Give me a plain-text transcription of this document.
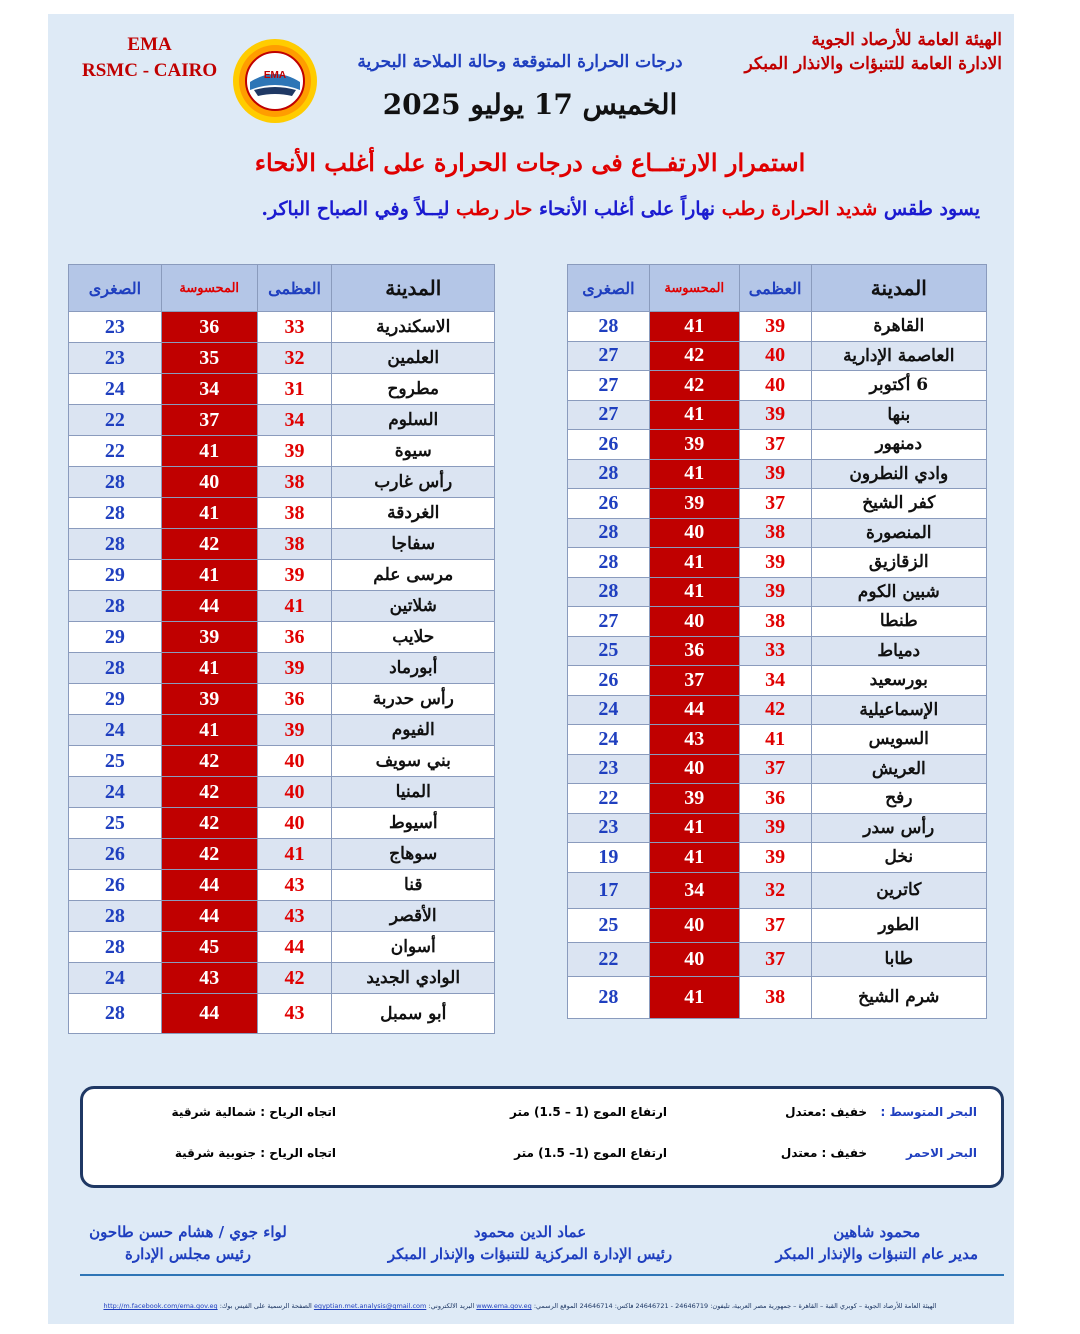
الهيئة العامة للأرصاد الجوية
الادارة العامة للتنبؤات والانذار المبكر
EMA
RSMC - CAIRO	EMA
درجات الحرارة المتوقعة وحالة الملاحة البحرية
الخميس 17 يوليو 2025
استمرار الارتفــاع فى درجات الحرارة على أغلب الأنحاء
يسود طقس شديد الحرارة رطب نهاراً على أغلب الأنحاء حار رطب ليــلاً وفي الصباح الباكر.
المدينة	العظمى	المحسوسة	الصغرى
القاهرة	39	41	28
العاصمة الإدارية	40	42	27
6 أكتوبر	40	42	27
بنها	39	41	27
دمنهور	37	39	26
وادي النطرون	39	41	28
كفر الشيخ	37	39	26
المنصورة	38	40	28
الزقازيق	39	41	28
شبين الكوم	39	41	28
طنطا	38	40	27
دمياط	33	36	25
بورسعيد	34	37	26
الإسماعيلية	42	44	24
السويس	41	43	24
العريش	37	40	23
رفح	36	39	22
رأس سدر	39	41	23
نخل	39	41	19
كاترين	32	34	17
الطور	37	40	25
طابا	37	40	22
شرم الشيخ	38	41	28
المدينة	العظمى	المحسوسة	الصغرى
الاسكندرية	33	36	23
العلمين	32	35	23
مطروح	31	34	24
السلوم	34	37	22
سيوة	39	41	22
رأس غارب	38	40	28
الغردقة	38	41	28
سفاجا	38	42	28
مرسى علم	39	41	29
شلاتين	41	44	28
حلايب	36	39	29
أبورماد	39	41	28
رأس حدربة	36	39	29
الفيوم	39	41	24
بني سويف	40	42	25
المنيا	40	42	24
أسيوط	40	42	25
سوهاج	41	42	26
قنا	43	44	26
الأقصر	43	44	28
أسوان	44	45	28
الوادي الجديد	42	43	24
أبو سمبل	43	44	28
البحر المتوسط :
خفيف :معتدل
ارتفاع الموج (1 – 1.5) متر
اتجاه الرياح : شمالية شرقية
البحر الاحمر
خفيف : معتدل
ارتفاع الموج (1– 1.5) متر
اتجاه الرياح : جنوبية شرقية
محمود شاهين
مدير عام التنبؤات والإنذار المبكر
عماد الدين محمود
رئيس الإدارة المركزية للتنبؤات والإنذار المبكر
لواء جوي / هشام حسن طاحون
رئيس مجلس الإدارة
الهيئة العامة للأرصاد الجوية – كوبري القبة – القاهرة – جمهورية مصر العربية، تليفون: 24646719 - 24646721 فاكس: 24646714 الموقع الرسمي: www.ema.gov.eg البريد الالكتروني: egyptian.met.analysis@gmail.com الصفحة الرسمية على الفيس بوك: http://m.facebook.com/ema.gov.eg
